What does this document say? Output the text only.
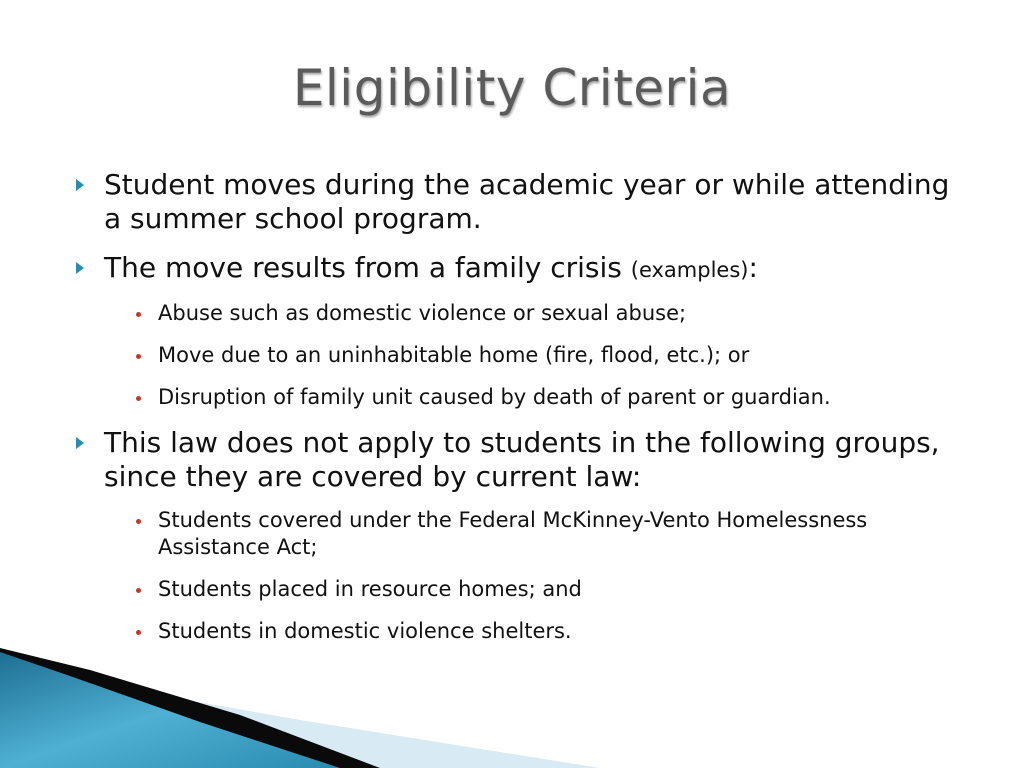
Eligibility Criteria
Student moves during the academic year or while attending a summer school program.
The move results from a family crisis (examples):
Abuse such as domestic violence or sexual abuse;
Move due to an uninhabitable home (fire, flood, etc.); or
Disruption of family unit caused by death of parent or guardian.
This law does not apply to students in the following groups, since they are covered by current law:
Students covered under the Federal McKinney-Vento Homelessness Assistance Act;
Students placed in resource homes; and
Students in domestic violence shelters.
